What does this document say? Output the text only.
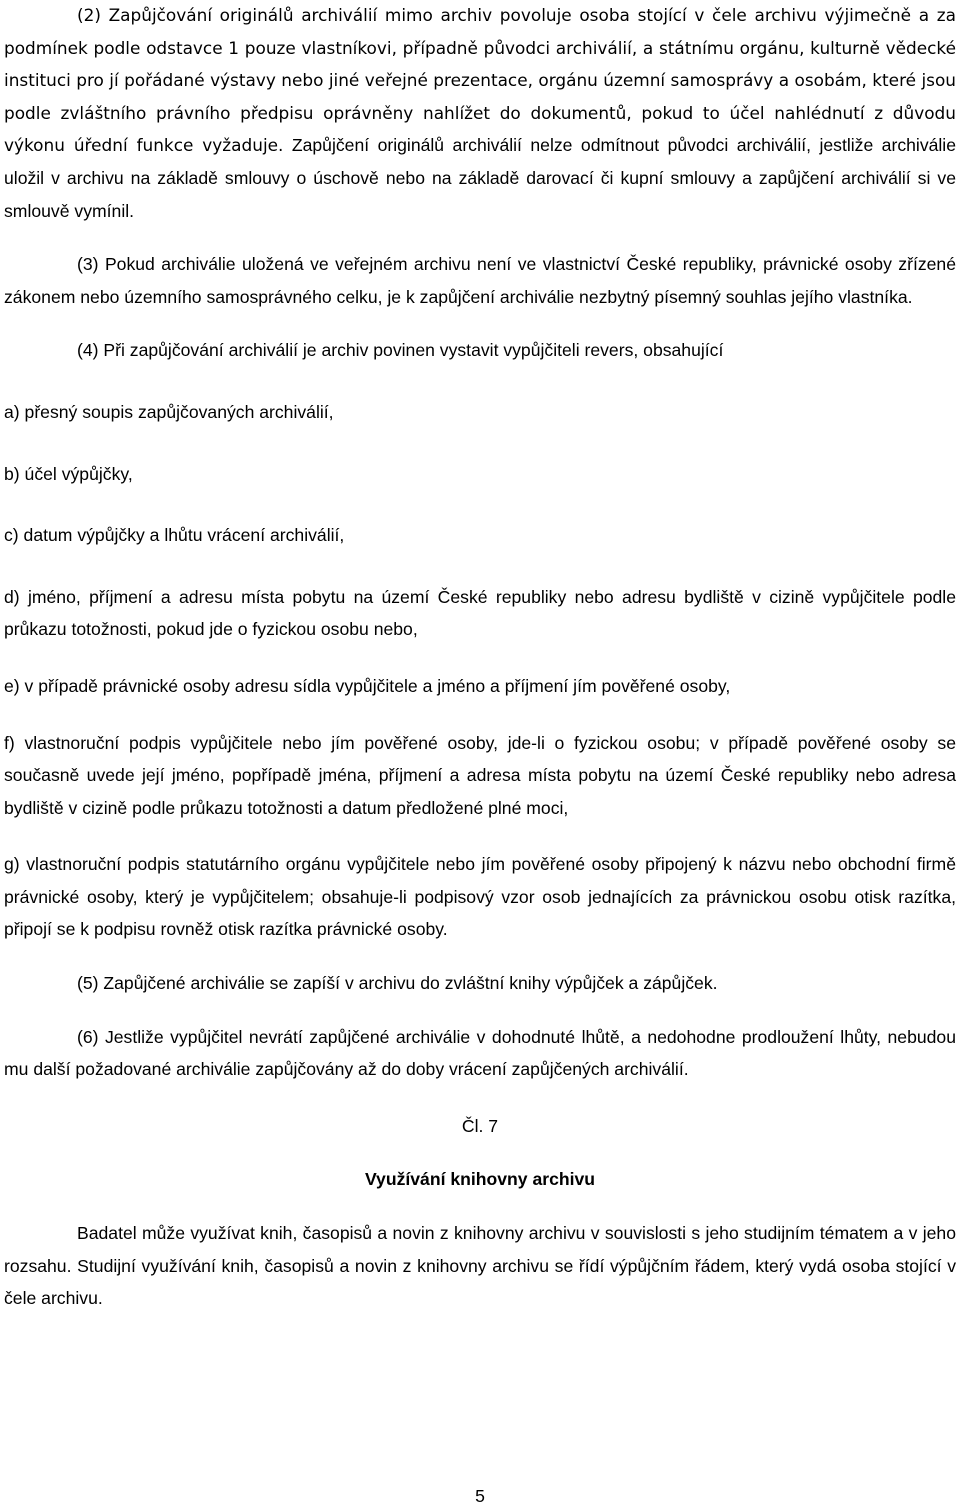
(2) Zapůjčování originálů archiválií mimo archiv povoluje osoba stojící v čele archivu výjimečně a za podmínek podle odstavce 1 pouze vlastníkovi, případně původci archiválií, a státnímu orgánu, kulturně vědecké instituci pro jí pořádané výstavy nebo jiné veřejné prezentace, orgánu územní samosprávy a osobám, které jsou podle zvláštního právního předpisu oprávněny nahlížet do dokumentů, pokud to účel nahlédnutí z důvodu výkonu úřední funkce vyžaduje. Zapůjčení originálů archiválií nelze odmítnout původci archiválií, jestliže archiválie uložil v archivu na základě smlouvy o úschově nebo na základě darovací či kupní smlouvy a zapůjčení archiválií si ve smlouvě vymínil.

(3) Pokud archiválie uložená ve veřejném archivu není ve vlastnictví České republiky, právnické osoby zřízené zákonem nebo územního samosprávného celku, je k zapůjčení archiválie nezbytný písemný souhlas jejího vlastníka.

(4) Při zapůjčování archiválií je archiv povinen vystavit vypůjčiteli revers, obsahující

a) přesný soupis zapůjčovaných archiválií,

b) účel výpůjčky,

c) datum výpůjčky a lhůtu vrácení archiválií,

d) jméno, příjmení a adresu místa pobytu na území České republiky nebo adresu bydliště v cizině vypůjčitele podle průkazu totožnosti, pokud jde o fyzickou osobu nebo,

e) v případě právnické osoby adresu sídla vypůjčitele a jméno a příjmení jím pověřené osoby,

f) vlastnoruční podpis vypůjčitele nebo jím pověřené osoby, jde-li o fyzickou osobu; v případě pověřené osoby se současně uvede její jméno, popřípadě jména, příjmení a adresa místa pobytu na území České republiky nebo adresa bydliště v cizině podle průkazu totožnosti a datum předložené plné moci,

g) vlastnoruční podpis statutárního orgánu vypůjčitele nebo jím pověřené osoby připojený k názvu nebo obchodní firmě právnické osoby, který je vypůjčitelem; obsahuje-li podpisový vzor osob jednajících za právnickou osobu otisk razítka, připojí se k podpisu rovněž otisk razítka právnické osoby.

(5) Zapůjčené archiválie se zapíší v archivu do zvláštní knihy výpůjček a zápůjček.

(6) Jestliže vypůjčitel nevrátí zapůjčené archiválie v dohodnuté lhůtě, a nedohodne prodloužení lhůty, nebudou mu další požadované archiválie zapůjčovány až do doby vrácení zapůjčených archiválií.

Čl. 7

Využívání knihovny archivu

Badatel může využívat knih, časopisů a novin z knihovny archivu v souvislosti s jeho studijním tématem a v jeho rozsahu. Studijní využívání knih, časopisů a novin z knihovny archivu se řídí výpůjčním řádem, který vydá osoba stojící v čele archivu.

5
